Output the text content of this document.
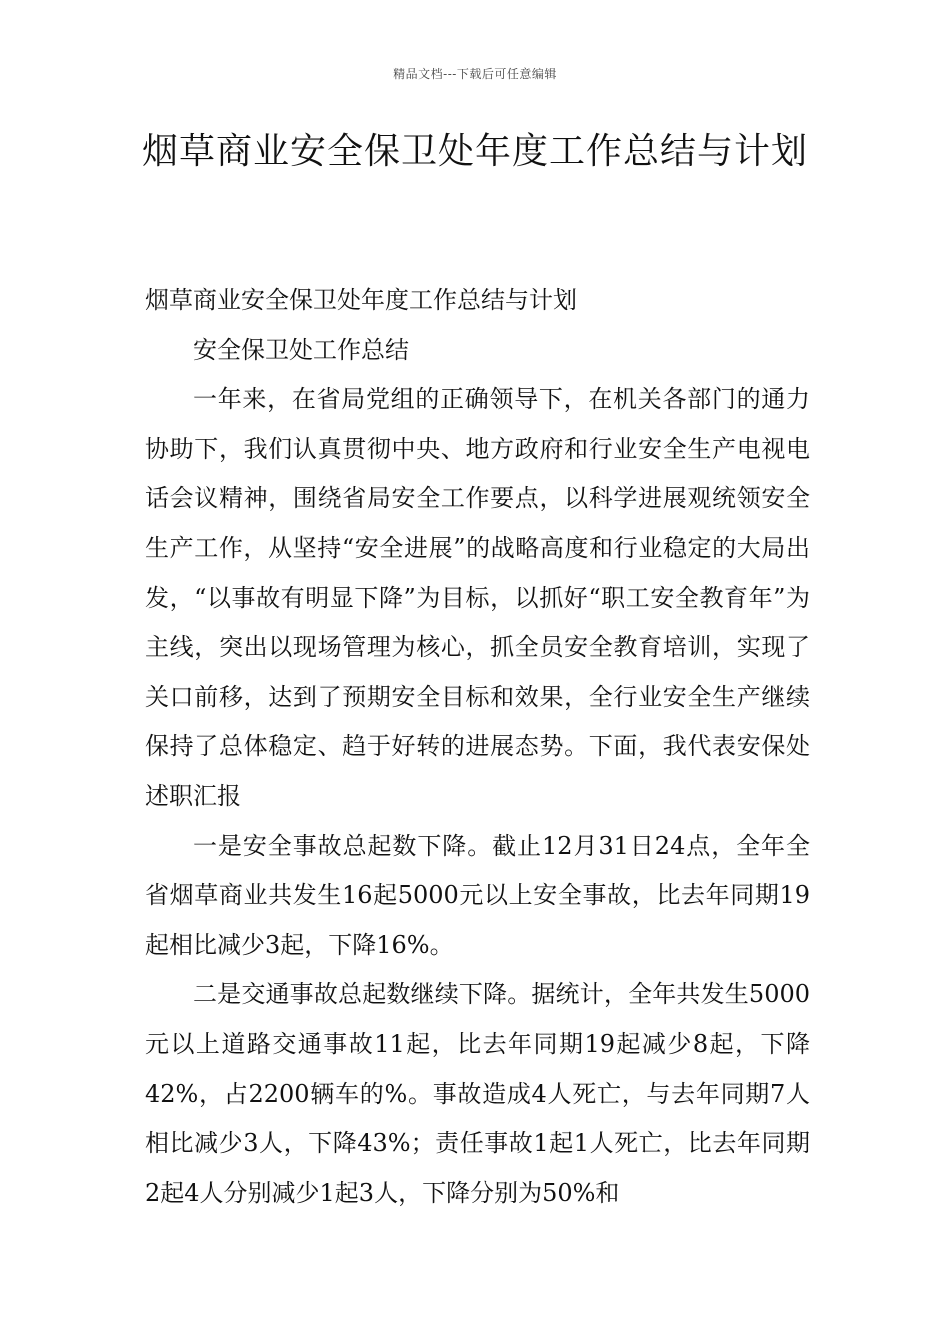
精品文档---下载后可任意编辑
烟草商业安全保卫处年度工作总结与计划

烟草商业安全保卫处年度工作总结与计划

安全保卫处工作总结

一年来，在省局党组的正确领导下，在机关各部门的通力协助下，我们认真贯彻中央、地方政府和行业安全生产电视电话会议精神，围绕省局安全工作要点，以科学进展观统领安全生产工作，从坚持“安全进展”的战略高度和行业稳定的大局出发，“以事故有明显下降”为目标，以抓好“职工安全教育年”为主线，突出以现场管理为核心，抓全员安全教育培训，实现了关口前移，达到了预期安全目标和效果，全行业安全生产继续保持了总体稳定、趋于好转的进展态势。下面，我代表安保处述职汇报

一是安全事故总起数下降。截止12月31日24点，全年全省烟草商业共发生16起5000元以上安全事故，比去年同期19起相比减少3起，下降16%。

二是交通事故总起数继续下降。据统计，全年共发生5000元以上道路交通事故11起，比去年同期19起减少8起，下降42%，占2200辆车的%。事故造成4人死亡，与去年同期7人相比减少3人，下降43%；责任事故1起1人死亡，比去年同期2起4人分别减少1起3人，下降分别为50%和
